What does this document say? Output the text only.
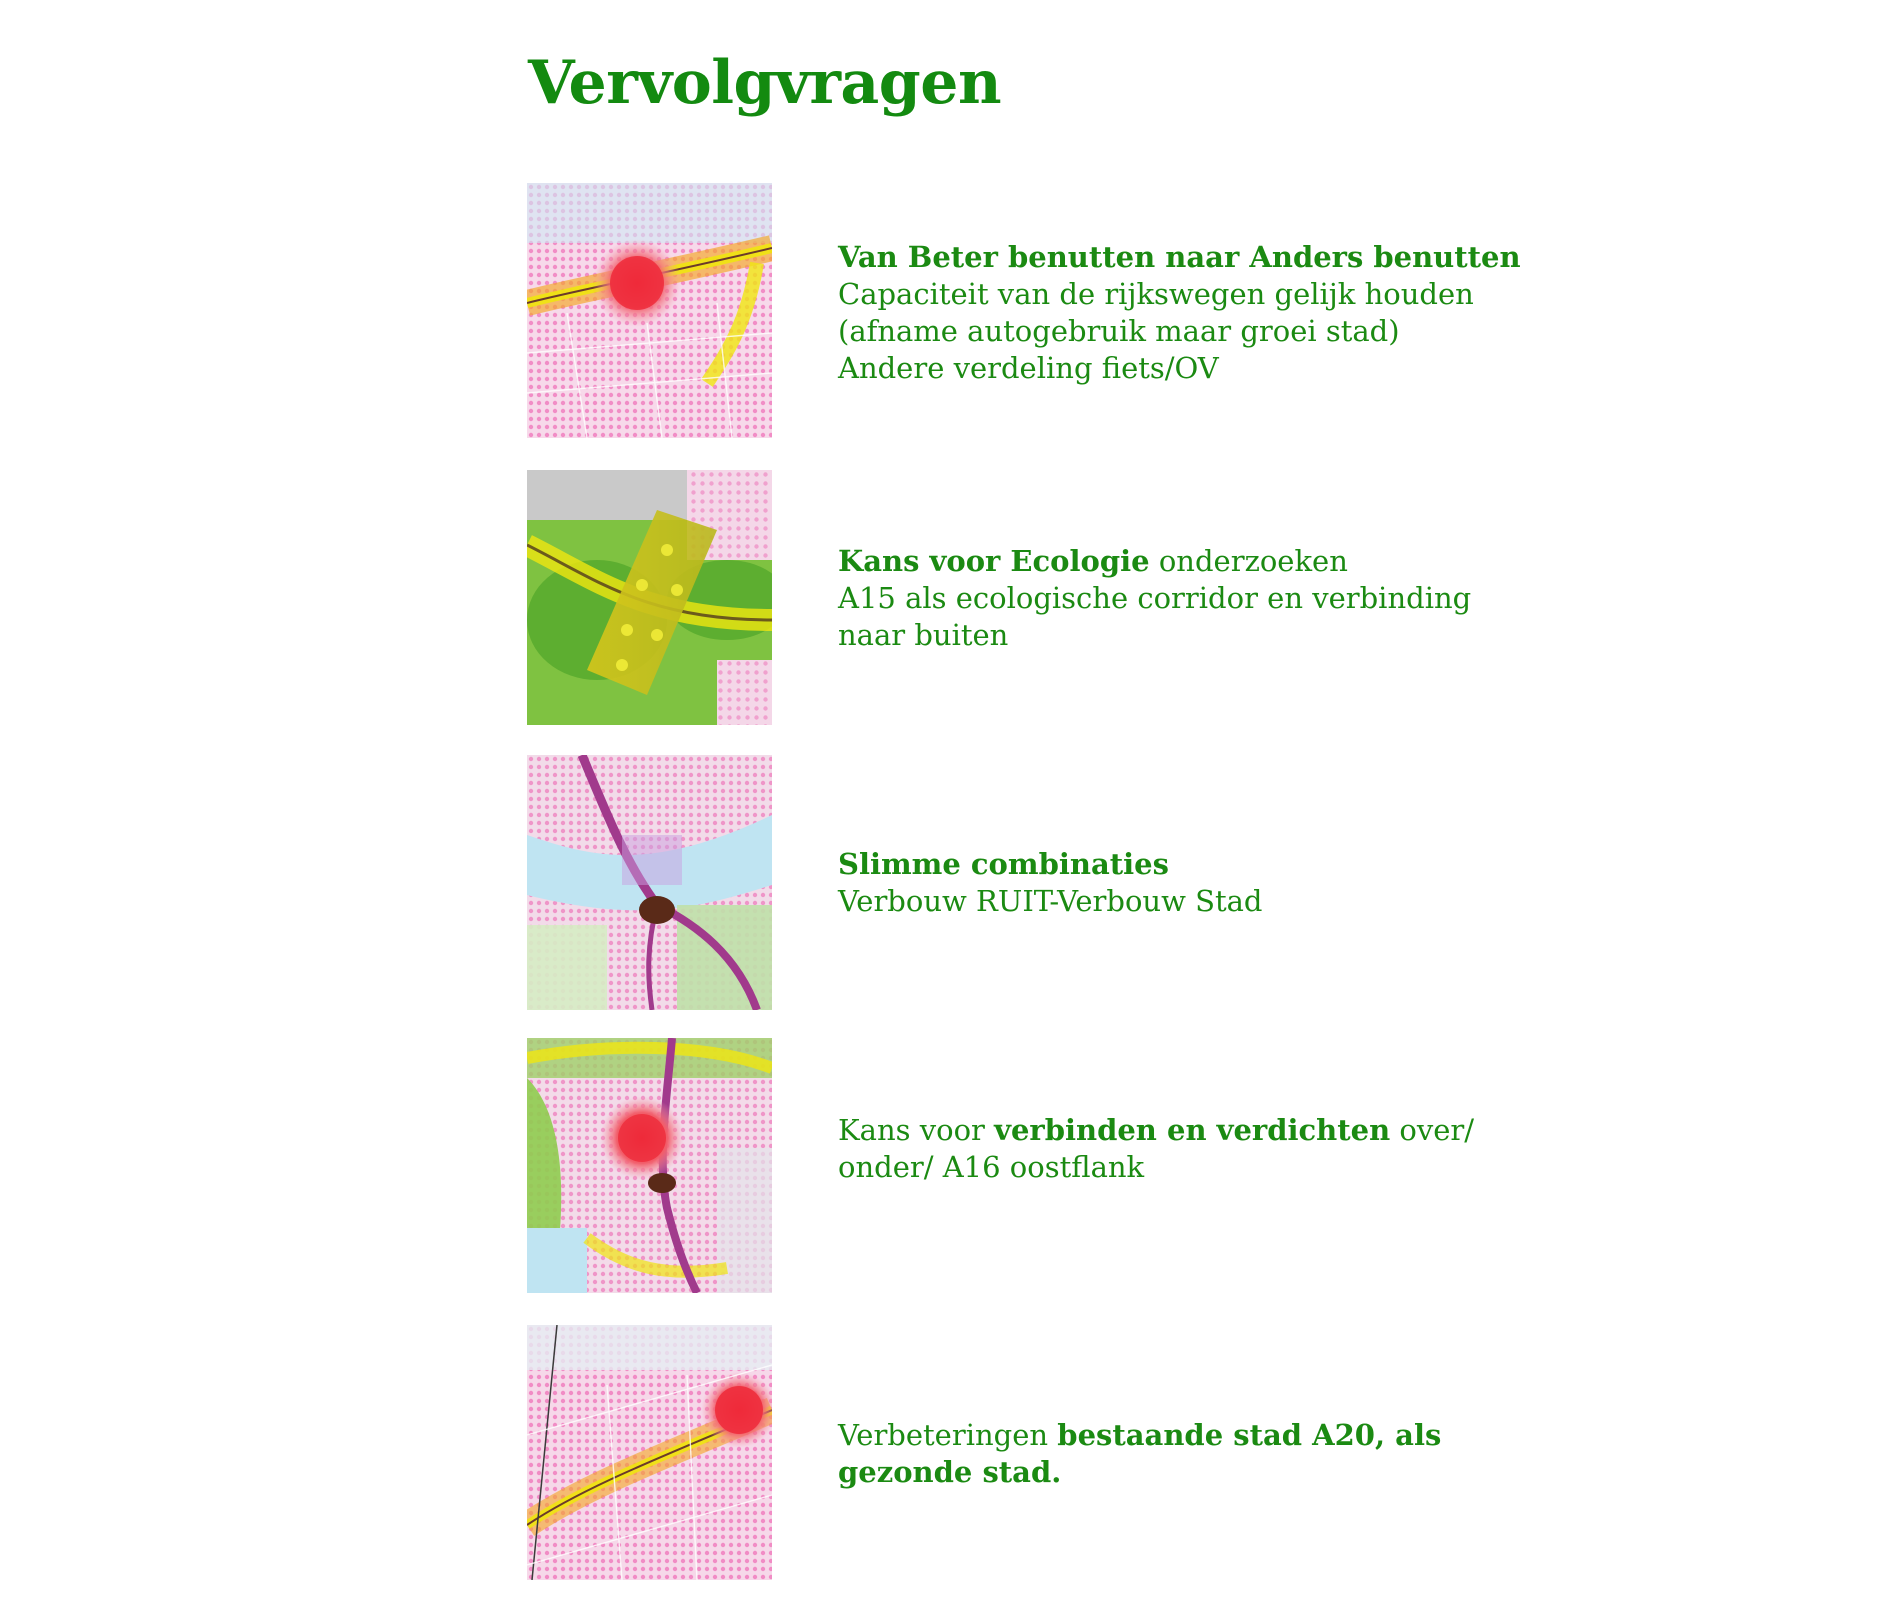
Vervolgvragen

Van Beter benutten naar Anders benutten

Capaciteit van de rijkswegen gelijk houden

(afname autogebruik maar groei stad)

Andere verdeling fiets/OV

Kans voor Ecologie onderzoeken

A15 als ecologische corridor en verbinding

naar buiten

Slimme combinaties

Verbouw RUIT-Verbouw Stad

Kans voor verbinden en verdichten over/

onder/ A16 oostflank

Verbeteringen bestaande stad A20, als

gezonde stad.
